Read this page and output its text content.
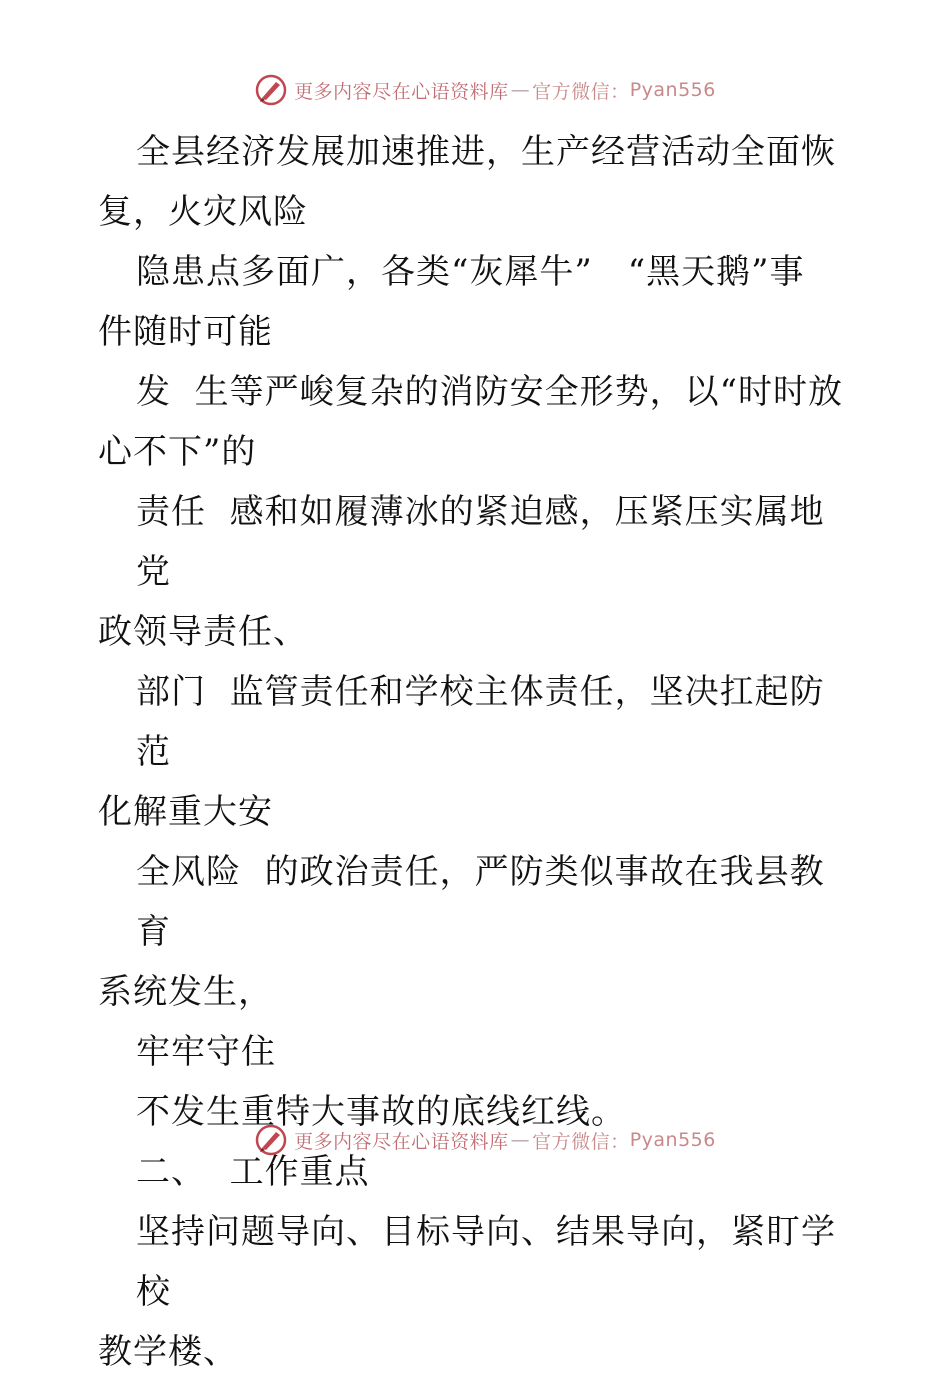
更多内容尽在心语资料库 — 官方微信： Pyan556

全县经济发展加速推进，生产经营活动全面恢
复，火灾风险

隐患点多面广，各类“灰犀牛”　“黑天鹅”事
件随时可能

发  生等严峻复杂的消防安全形势，以“时时放
心不下”的

责任  感和如履薄冰的紧迫感，压紧压实属地党
政领导责任、

部门  监管责任和学校主体责任，坚决扛起防范
化解重大安

全风险  的政治责任，严防类似事故在我县教育
系统发生，

牢牢守住

不发生重特大事故的底线红线。

二、  工作重点

坚持问题导向、目标导向、结果导向，紧盯学校
教学楼、

更多内容尽在心语资料库 — 官方微信： Pyan556
